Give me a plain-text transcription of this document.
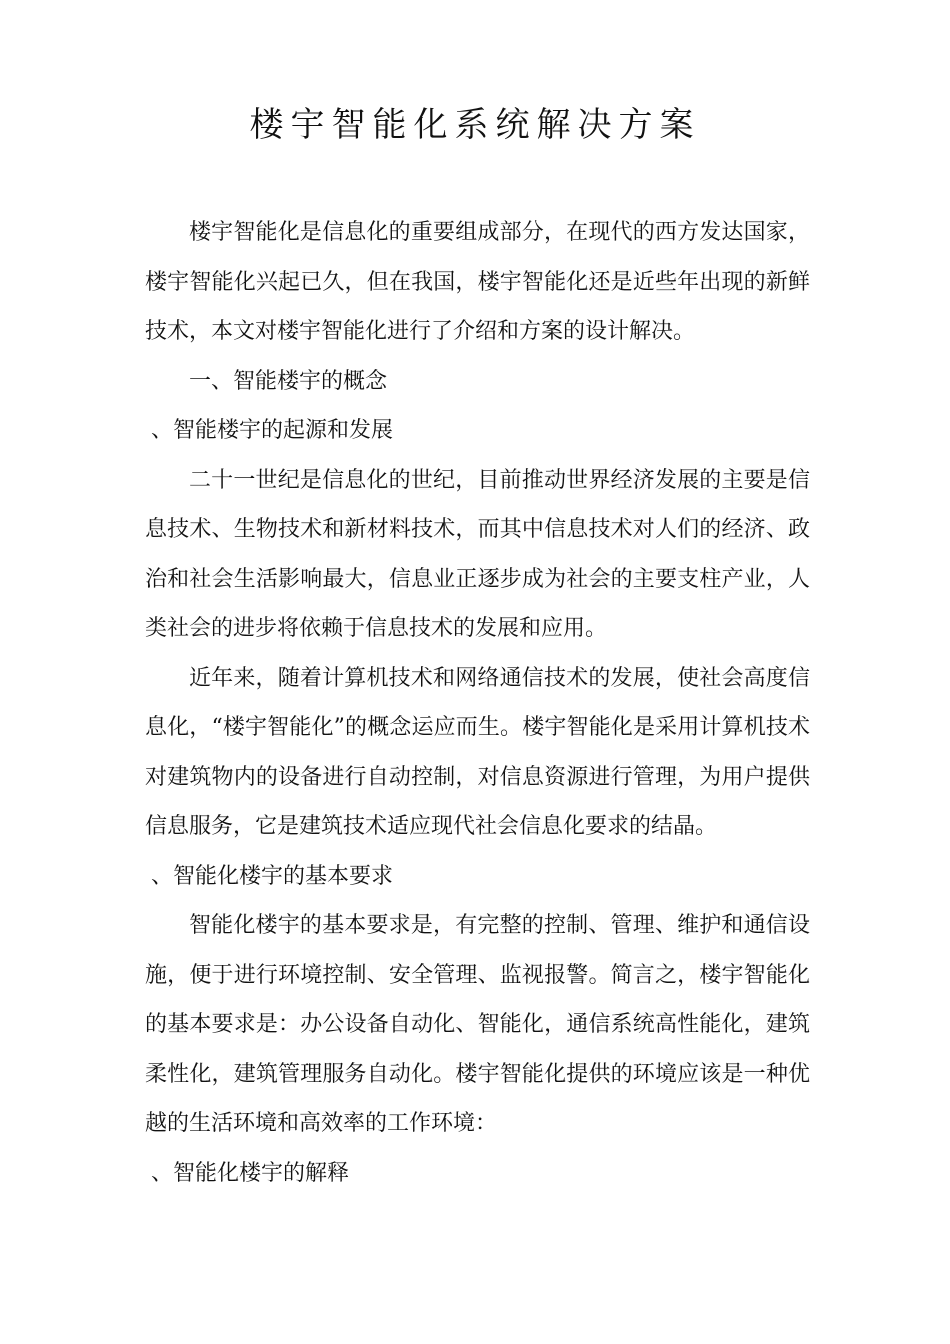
楼宇智能化系统解决方案

楼宇智能化是信息化的重要组成部分，在现代的西方发达国家，楼宇智能化兴起已久，但在我国，楼宇智能化还是近些年出现的新鲜技术，本文对楼宇智能化进行了介绍和方案的设计解决。

一、智能楼宇的概念

、智能楼宇的起源和发展

二十一世纪是信息化的世纪，目前推动世界经济发展的主要是信息技术、生物技术和新材料技术，而其中信息技术对人们的经济、政治和社会生活影响最大，信息业正逐步成为社会的主要支柱产业，人类社会的进步将依赖于信息技术的发展和应用。

近年来，随着计算机技术和网络通信技术的发展，使社会高度信息化，“楼宇智能化”的概念运应而生。楼宇智能化是采用计算机技术对建筑物内的设备进行自动控制，对信息资源进行管理，为用户提供信息服务，它是建筑技术适应现代社会信息化要求的结晶。

、智能化楼宇的基本要求

智能化楼宇的基本要求是，有完整的控制、管理、维护和通信设施，便于进行环境控制、安全管理、监视报警。简言之，楼宇智能化的基本要求是：办公设备自动化、智能化，通信系统高性能化，建筑柔性化，建筑管理服务自动化。楼宇智能化提供的环境应该是一种优越的生活环境和高效率的工作环境：

、智能化楼宇的解释
